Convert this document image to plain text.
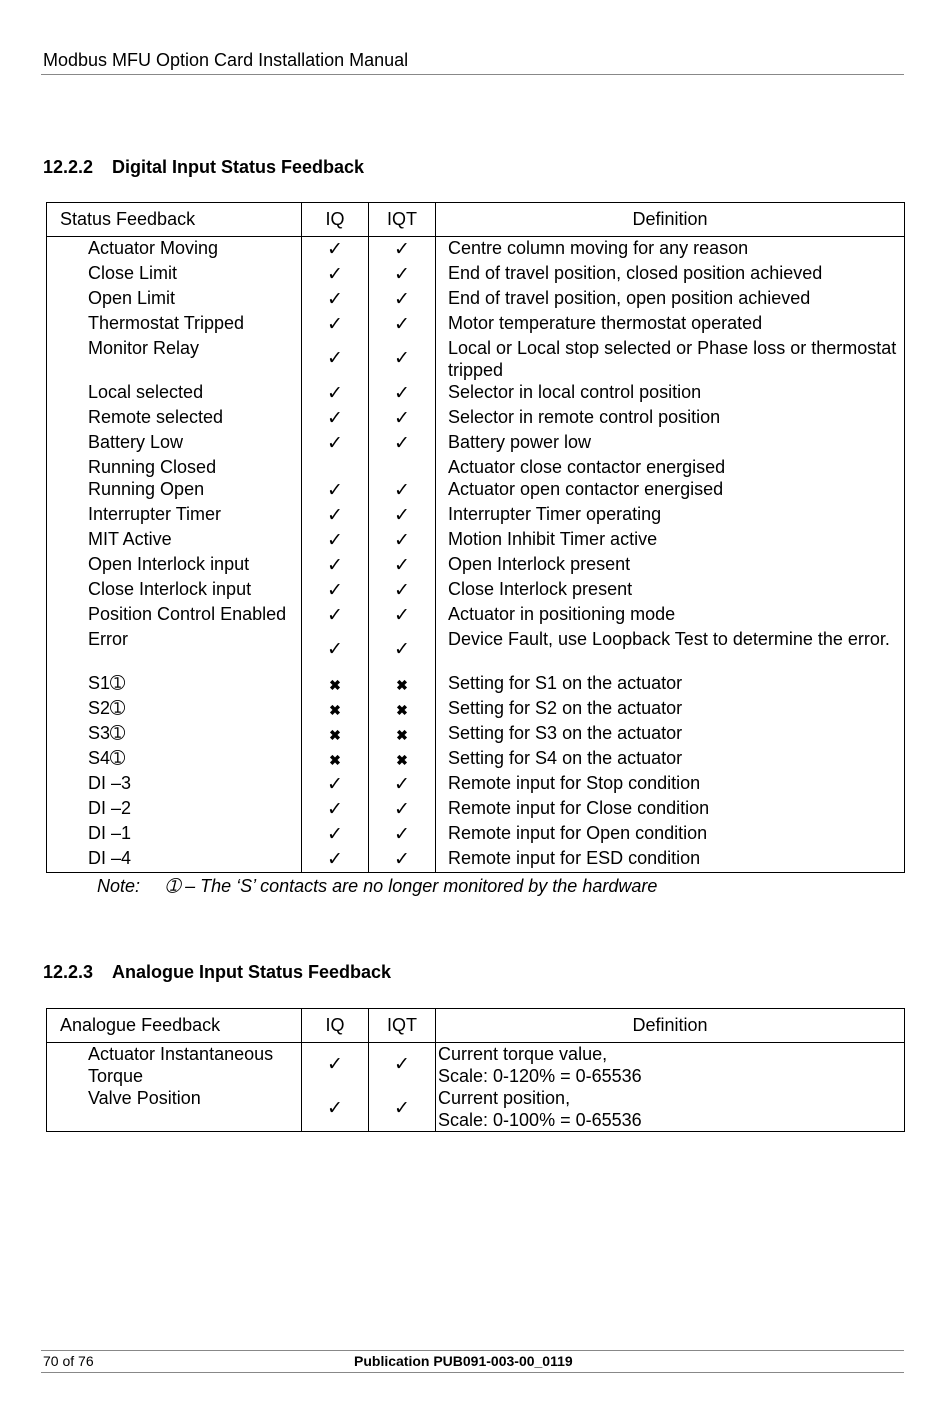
Modbus MFU Option Card Installation Manual
12.2.2 Digital Input Status Feedback
Status Feedback	IQ	IQT	Definition
Actuator Moving	✓	✓	Centre column moving for any reason
Close Limit	✓	✓	End of travel position, closed position achieved
Open Limit	✓	✓	End of travel position, open position achieved
Thermostat Tripped	✓	✓	Motor temperature thermostat operated
Monitor Relay	✓	✓	Local or Local stop selected or Phase loss or thermostat tripped
Local selected	✓	✓	Selector in local control position
Remote selected	✓	✓	Selector in remote control position
Battery Low	✓	✓	Battery power low
Running Closed			Actuator close contactor energised
Running Open	✓	✓	Actuator open contactor energised
Interrupter Timer	✓	✓	Interrupter Timer operating
MIT Active	✓	✓	Motion Inhibit Timer active
Open Interlock input	✓	✓	Open Interlock present
Close Interlock input	✓	✓	Close Interlock present
Position Control Enabled	✓	✓	Actuator in positioning mode
Error	✓	✓	Device Fault, use Loopback Test to determine the error.
S1➀	✖	✖	Setting for S1 on the actuator
S2➀	✖	✖	Setting for S2 on the actuator
S3➀	✖	✖	Setting for S3 on the actuator
S4➀	✖	✖	Setting for S4 on the actuator
DI –3	✓	✓	Remote input for Stop condition
DI –2	✓	✓	Remote input for Close condition
DI –1	✓	✓	Remote input for Open condition
DI –4	✓	✓	Remote input for ESD condition
Note: ➀ – The ‘S’ contacts are no longer monitored by the hardware
12.2.3 Analogue Input Status Feedback
Analogue Feedback	IQ	IQT	Definition
Actuator Instantaneous Torque	✓	✓	Current torque value,
Scale: 0-120% = 0-65536

Valve Position	✓	✓	Current position,
Scale: 0-100% = 0-65536
70 of 76	Publication PUB091-003-00_0119
